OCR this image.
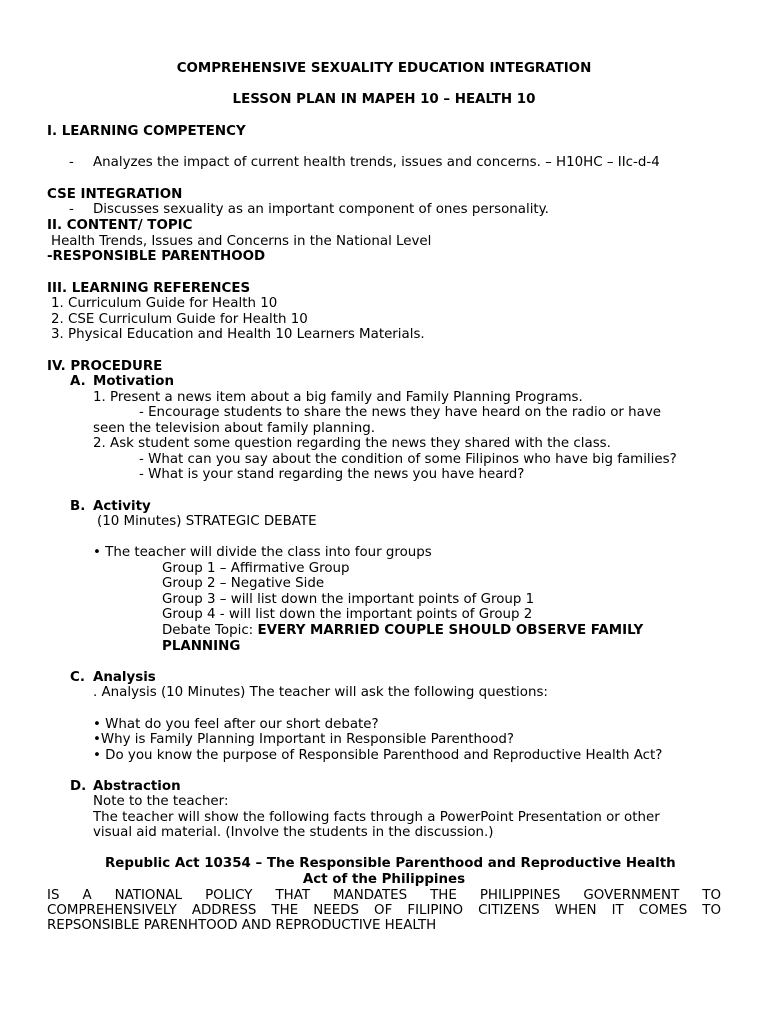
COMPREHENSIVE SEXUALITY EDUCATION INTEGRATION
LESSON PLAN IN MAPEH 10 – HEALTH 10
I. LEARNING COMPETENCY
- Analyzes the impact of current health trends, issues and concerns. – H10HC – IIc-d-4
CSE INTEGRATION
- Discusses sexuality as an important component of ones personality.
II. CONTENT/ TOPIC
Health Trends, Issues and Concerns in the National Level
-RESPONSIBLE PARENTHOOD
III. LEARNING REFERENCES
1. Curriculum Guide for Health 10
2. CSE Curriculum Guide for Health 10
3. Physical Education and Health 10 Learners Materials.
IV. PROCEDURE
A. Motivation
1. Present a news item about a big family and Family Planning Programs.
- Encourage students to share the news they have heard on the radio or have
seen the television about family planning.
2. Ask student some question regarding the news they shared with the class.
- What can you say about the condition of some Filipinos who have big families?
- What is your stand regarding the news you have heard?
B. Activity
(10 Minutes) STRATEGIC DEBATE
• The teacher will divide the class into four groups
Group 1 – Affirmative Group
Group 2 – Negative Side
Group 3 – will list down the important points of Group 1
Group 4 - will list down the important points of Group 2
Debate Topic: EVERY MARRIED COUPLE SHOULD OBSERVE FAMILY
PLANNING
C. Analysis
. Analysis (10 Minutes) The teacher will ask the following questions:
• What do you feel after our short debate?
•Why is Family Planning Important in Responsible Parenthood?
• Do you know the purpose of Responsible Parenthood and Reproductive Health Act?
D. Abstraction
Note to the teacher:
The teacher will show the following facts through a PowerPoint Presentation or other
visual aid material. (Involve the students in the discussion.)
Republic Act 10354 – The Responsible Parenthood and Reproductive Health
Act of the Philippines
IS A NATIONAL POLICY THAT MANDATES THE PHILIPPINES GOVERNMENT TO
COMPREHENSIVELY ADDRESS THE NEEDS OF FILIPINO CITIZENS WHEN IT COMES TO
REPSONSIBLE PARENHTOOD AND REPRODUCTIVE HEALTH
